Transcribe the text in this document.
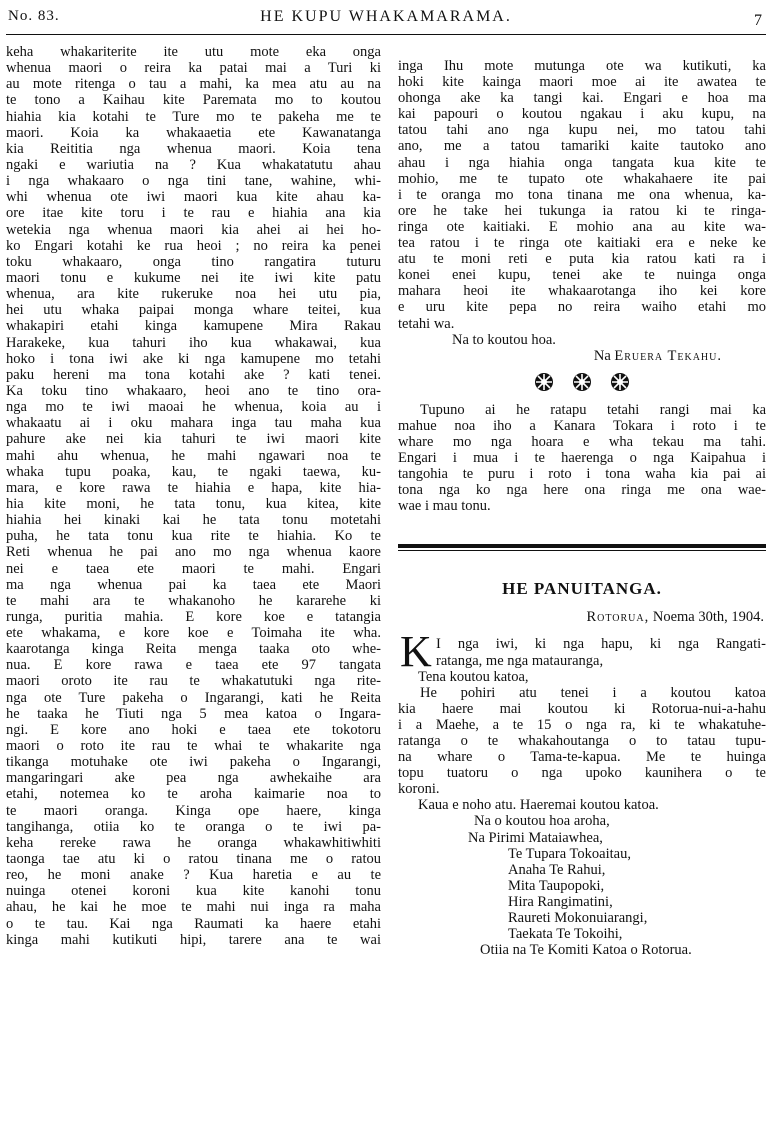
No. 83.	HE KUPU WHAKAMARAMA.	7
keha whakariterite ite utu mote eka onga
whenua maori o reira ka patai mai a Turi ki
au mote ritenga o tau a mahi, ka mea atu au na
te tono a Kaihau kite Paremata mo to koutou
hiahia kia kotahi te Ture mo te pakeha me te
maori. Koia ka whakaaetia ete Kawanatanga
kia Reititia nga whenua maori. Koia tena
ngaki e wariutia na ? Kua whakatatutu ahau
i nga whakaaro o nga tini tane, wahine, whi-
whi whenua ote iwi maori kua kite ahau ka-
ore itae kite toru i te rau e hiahia ana kia
wetekia nga whenua maori kia ahei ai hei ho-
ko Engari kotahi ke rua heoi ; no reira ka penei
toku whakaaro, onga tino rangatira tuturu
maori tonu e kukume nei ite iwi kite patu
whenua, ara kite rukeruke noa hei utu pia,
hei utu whaka paipai monga whare teitei, kua
whakapiri etahi kinga kamupene Mira Rakau
Harakeke, kua tahuri iho kua whakawai, kua
hoko i tona iwi ake ki nga kamupene mo tetahi
paku hereni ma tona kotahi ake ? kati tenei.
Ka toku tino whakaaro, heoi ano te tino ora-
nga mo te iwi maoai he whenua, koia au i
whakaatu ai i oku mahara inga tau maha kua
pahure ake nei kia tahuri te iwi maori kite
mahi ahu whenua, he mahi ngawari noa te
whaka tupu poaka, kau, te ngaki taewa, ku-
mara, e kore rawa te hiahia e hapa, kite hia-
hia kite moni, he tata tonu, kua kitea, kite
hiahia hei kinaki kai he tata tonu motetahi
puha, he tata tonu kua rite te hiahia. Ko te
Reti whenua he pai ano mo nga whenua kaore
nei e taea ete maori te mahi. Engari
ma nga whenua pai ka taea ete Maori
te mahi ara te whakanoho he kararehe ki
runga, puritia mahia. E kore koe e tatangia
ete whakama, e kore koe e Toimaha ite wha.
kaarotanga kinga Reita menga taaka oto whe-
nua. E kore rawa e taea ete 97 tangata
maori oroto ite rau te whakatutuki nga rite-
nga ote Ture pakeha o Ingarangi, kati he Reita
he taaka he Tiuti nga 5 mea katoa o Ingara-
ngi. E kore ano hoki e taea ete tokotoru
maori o roto ite rau te whai te whakarite nga
tikanga motuhake ote iwi pakeha o Ingarangi,
mangaringari ake pea nga awhekaihe ara
etahi, notemea ko te aroha kaimarie noa to
te maori oranga. Kinga ope haere, kinga
tangihanga, otiia ko te oranga o te iwi pa-
keha rereke rawa he oranga whakawhitiwhiti
taonga tae atu ki o ratou tinana me o ratou
reo, he moni anake ? Kua haretia e au te
nuinga otenei koroni kua kite kanohi tonu
ahau, he kai he moe te mahi nui inga ra maha
o te tau. Kai nga Raumati ka haere etahi
kinga mahi kutikuti hipi, tarere ana te wai
inga Ihu mote mutunga ote wa kutikuti, ka
hoki kite kainga maori moe ai ite awatea te
ohonga ake ka tangi kai. Engari e hoa ma
kai papouri o koutou ngakau i aku kupu, na
tatou tahi ano nga kupu nei, mo tatou tahi
ano, me a tatou tamariki kaite tautoko ano
ahau i nga hiahia onga tangata kua kite te
mohio, me te tupato ote whakahaere ite pai
i te oranga mo tona tinana me ona whenua, ka-
ore he take hei tukunga ia ratou ki te ringa-
ringa ote kaitiaki. E mohio ana au kite wa-
tea ratou i te ringa ote kaitiaki era e neke ke
atu te moni reti e puta kia ratou kati ra i
konei enei kupu, tenei ake te nuinga onga
mahara heoi ite whakaarotanga iho kei kore
e uru kite pepa no reira waiho etahi mo
tetahi wa.
Na to koutou hoa.
Na Eruera Tekahu.
Tupuno ai he ratapu tetahi rangi mai ka
mahue noa iho a Kanara Tokara i roto i te
whare mo nga hoara e wha tekau ma tahi.
Engari i mua i te haerenga o nga Kaipahua i
tangohia te puru i roto i tona waha kia pai ai
tona nga ko nga here ona ringa me ona wae-
wae i mau tonu.
HE PANUITANGA.
Rotorua, Noema 30th, 1904.
K I nga iwi, ki nga hapu, ki nga Rangati-
ratanga, me nga matauranga,
Tena koutou katoa,
He pohiri atu tenei i a koutou katoa
kia haere mai koutou ki Rotorua-nui-a-hahu
i a Maehe, a te 15 o nga ra, ki te whakatuhe-
ratanga o te whakahoutanga o to tatau tupu-
na whare o Tama-te-kapua. Me te huinga
topu tuatoru o nga upoko kaunihera o te
koroni.
Kaua e noho atu. Haeremai koutou katoa.
Na o koutou hoa aroha,
Na Pirimi Mataiawhea,
Te Tupara Tokoaitau,
Anaha Te Rahui,
Mita Taupopoki,
Hira Rangimatini,
Raureti Mokonuiarangi,
Taekata Te Tokoihi,
Otiia na Te Komiti Katoa o Rotorua.
